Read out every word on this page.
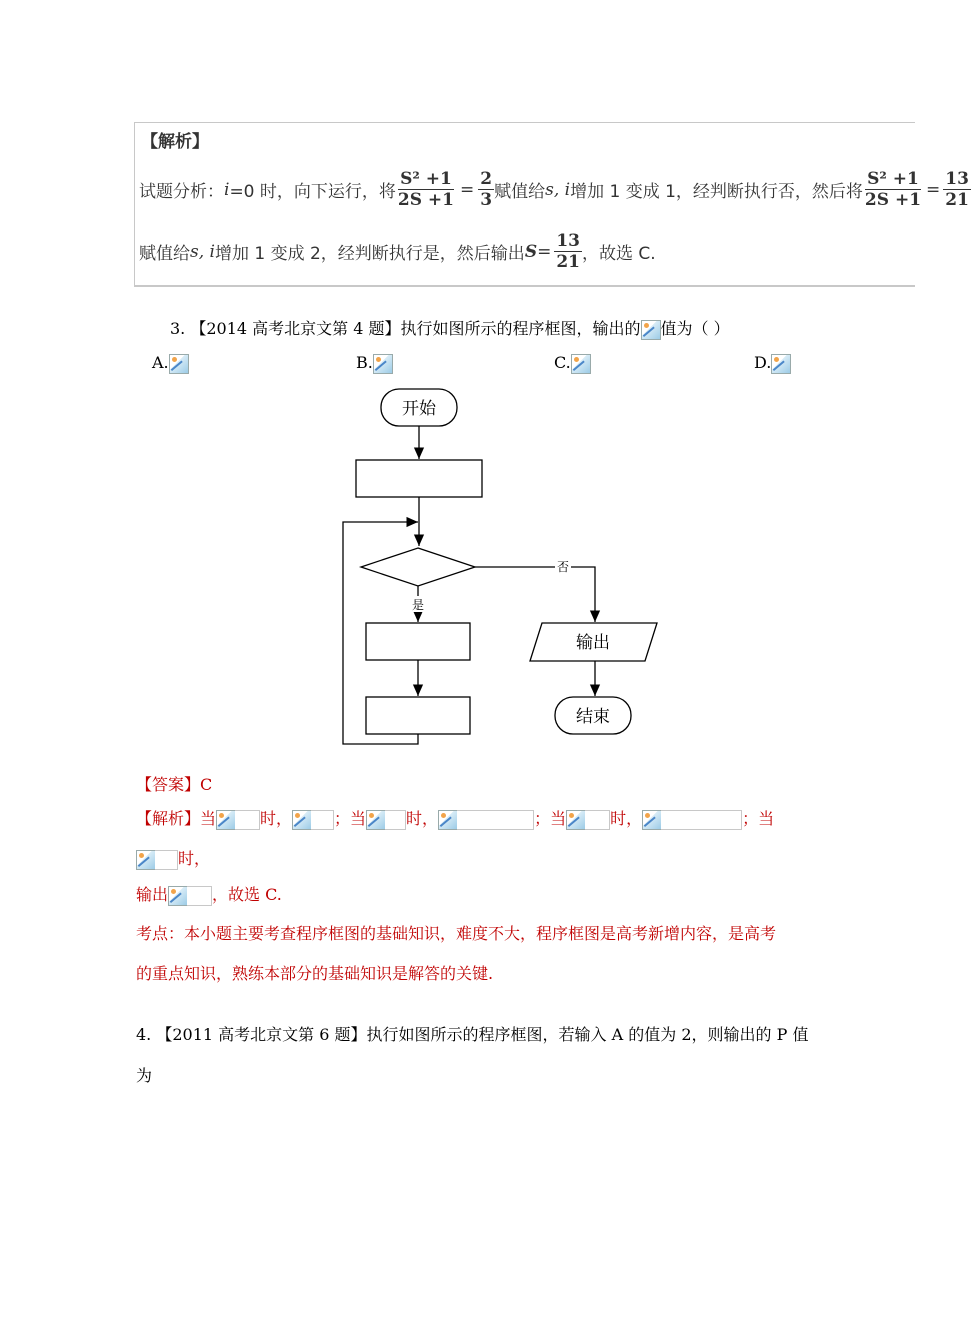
【解析】
试题分析： i =0 时，向下运行，将 $\frac{\text{S² +1}}{2S +1} = \frac{2}{3}$ 赋值给 s, i 增加 1 变成 1，经判断执行否，然后将 $\frac{\text{S² +1}}{2S +1} = \frac{13}{21}$
赋值给 s, i 增加 1 变成 2，经判断执行是，然后输出 $S = \frac{13}{21}$ ，故选 C.
3. 【2014 高考北京文第 4 题】执行如图所示的程序框图，输出的 值为（ ）
A.	B.	C.	D.
开始
否
是
输出
结束
【答案】C
【解析】当	时，	；当	时，	；当	时，	；当
时，
输出	，故选 C.
考点：本小题主要考查程序框图的基础知识，难度不大，程序框图是高考新增内容，是高考
的重点知识，熟练本部分的基础知识是解答的关键.
4. 【2011 高考北京文第 6 题】执行如图所示的程序框图，若输入 A 的值为 2，则输出的 P 值
为
